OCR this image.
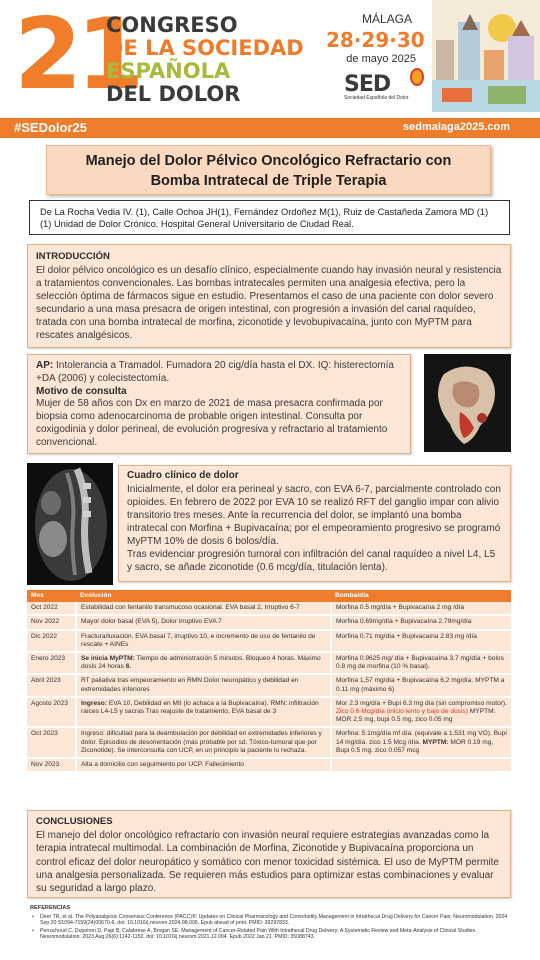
21
CONGRESO
DE LA SOCIEDAD
ESPAÑOLA
DEL DOLOR
MÁLAGA
28·29·30
de mayo 2025
SED
Sociedad Española del Dolor
#SEDolor25	sedmalaga2025.com
Manejo del Dolor Pélvico Oncológico Refractario con
Bomba Intratecal de Triple Terapia
De La Rocha Vedia IV. (1), Calle Ochoa JH(1), Fernández Ordoñez M(1), Ruiz de Castañeda Zamora MD (1)
(1) Unidad de Dolor Crónico. Hospital General Universitario de Ciudad Real.
INTRODUCCIÓN
El dolor pélvico oncológico es un desafío clínico, especialmente cuando hay invasión neural y resistencia a tratamientos convencionales. Las bombas intratecales permiten una analgesia efectiva, pero la selección óptima de fármacos sigue en estudio. Presentamos el caso de una paciente con dolor severo secundario a una masa presacra de origen intestinal, con progresión a invasión del canal raquídeo, tratada con una bomba intratecal de morfina, ziconotide y levobupivacaína, junto con MyPTM para rescates analgésicos.
AP: Intolerancia a Tramadol. Fumadora 20 cig/día hasta el DX. IQ: histerectomía +DA (2006) y colecistectomía.
Motivo de consulta
Mujer de 58 años con Dx en marzo de 2021 de masa presacra confirmada por biopsia como adenocarcinoma de probable origen intestinal. Consulta por coxigodinia y dolor perineal, de evolución progresiva y refractario al tratamiento convencional.
Cuadro clínico de dolor
Inicialmente, el dolor era perineal y sacro, con EVA 6-7, parcialmente controlado con opioides. En febrero de 2022 por EVA 10 se realizó RFT del ganglio impar con alivio transitorio tres meses. Ante la recurrencia del dolor, se implantó una bomba intratecal con Morfina + Bupivacaína; por el empeoramiento progresivo se programó MyPTM 10% de dosis 6 bolos/día.
Tras evidenciar progresión tumoral con infiltración del canal raquídeo a nivel L4, L5 y sacro, se añade ziconotide (0.6 mcg/día, titulación lenta).
Mes	Evolución	Bomba/día
Oct 2022	Estabilidad con fentanilo transmucoso ocasional. EVA basal 2, Irruptivo 6-7	Morfina 0.5 mg/día + Bupivacaína 2 mg /día
Nov 2022	Mayor dolor basal (EVA 5), Dolor irruptivo EVA 7	Morfina 0.69mg/día + Bupivacaína 2.79mg/día
Dic 2022	Fractura/luxación. EVA basal 7, irruptivo 10, e incremento de uso de fentanilo de rescate + AINEs	Morfina 0.71 mg/día + Bupivacaína 2.83 mg /día
Enero 2023	Se inicia MyPTM: Tiempo de administración 5 minutos. Bloqueo 4 horas. Máximo dosis 24 horas 6.	Morfina 0.9625 mg/ día + Bupivacaína 3.7 mg/día + bolos 0.8 mg de morfina (10 % basal).
Abril 2023	RT paliativa tras empeoramiento en RMN Dolor neuropático y debilidad en extremidades inferiores	Morfina 1,57 mg/día + Bupivacaína 6,2 mg/día. MYPTM a 0.11 mg (máximo 6)
Agosto 2023	Ingreso: EVA 10, Debilidad en MII (lo achaca a la Bupivacaína). RMN: infiltración raíces L4-L5 y sacras Tras reajuste de tratamiento, EVA basal de 3	Mor 2.3 mg/día + Bupi 6.3 mg día (sin compromiso motor). Zico 0.6 Mcg/día (inicio lento y bajo de dosis) MYPTM: MOR 2,5 mg, bupi 0.5 mg, zico 0.05 mg
Oct 2023	Ingreso: dificultad para la deambulación por debilidad en extremidades inferiores y dolor. Episodios de desorientación (más probable por sd. Tóxico-tumoral que por Ziconotide). Se interconsulta con UCP, en un principio la paciente lo rechaza.	Morfina: 5.1mg/día mf día. (equivale a 1.531 mg VO). Bupi 14 mg/día. zico 1.5 Mcg /día. MYPTM: MOR 0.19 mg, Bupi 0.5 mg. zico 0.057 mcg
Nov 2023	Alta a domicilio con seguimiento por UCP. Fallecimiento	
CONCLUSIONES
El manejo del dolor oncológico refractario con invasión neural requiere estrategias avanzadas como la terapia intratecal multimodal. La combinación de Morfina, Ziconotide y Bupivacaína proporciona un control eficaz del dolor neuropático y somático con menor toxicidad sistémica. El uso de MyPTM permite una analgesia personalizada. Se requieren más estudios para optimizar estas combinaciones y evaluar su seguridad a largo plazo.
REFERENCIAS
• Deer TR, et al. The Polyanalgesic Consensus Conference (PACC)®: Updates on Clinical Pharmacology and Comorbidity Management in Intrathecal Drug Delivery for Cancer Pain. Neuromodulation. 2024 Sep 20:S1094-7159(24)00670-6. doi: 10.1016/j.neurom.2024.08.006. Epub ahead of print. PMID: 39297833.
• Perruchoud C, Dupoiron D, Papi B, Calabrese A, Brogan SE. Management of Cancer-Related Pain With Intrathecal Drug Delivery: A Systematic Review and Meta-Analysis of Clinical Studies. Neuromodulation. 2023 Aug;26(6):1142-1152. doi: 10.1016/j.neurom.2021.12.004. Epub 2022 Jan 21. PMID: 35088743.
